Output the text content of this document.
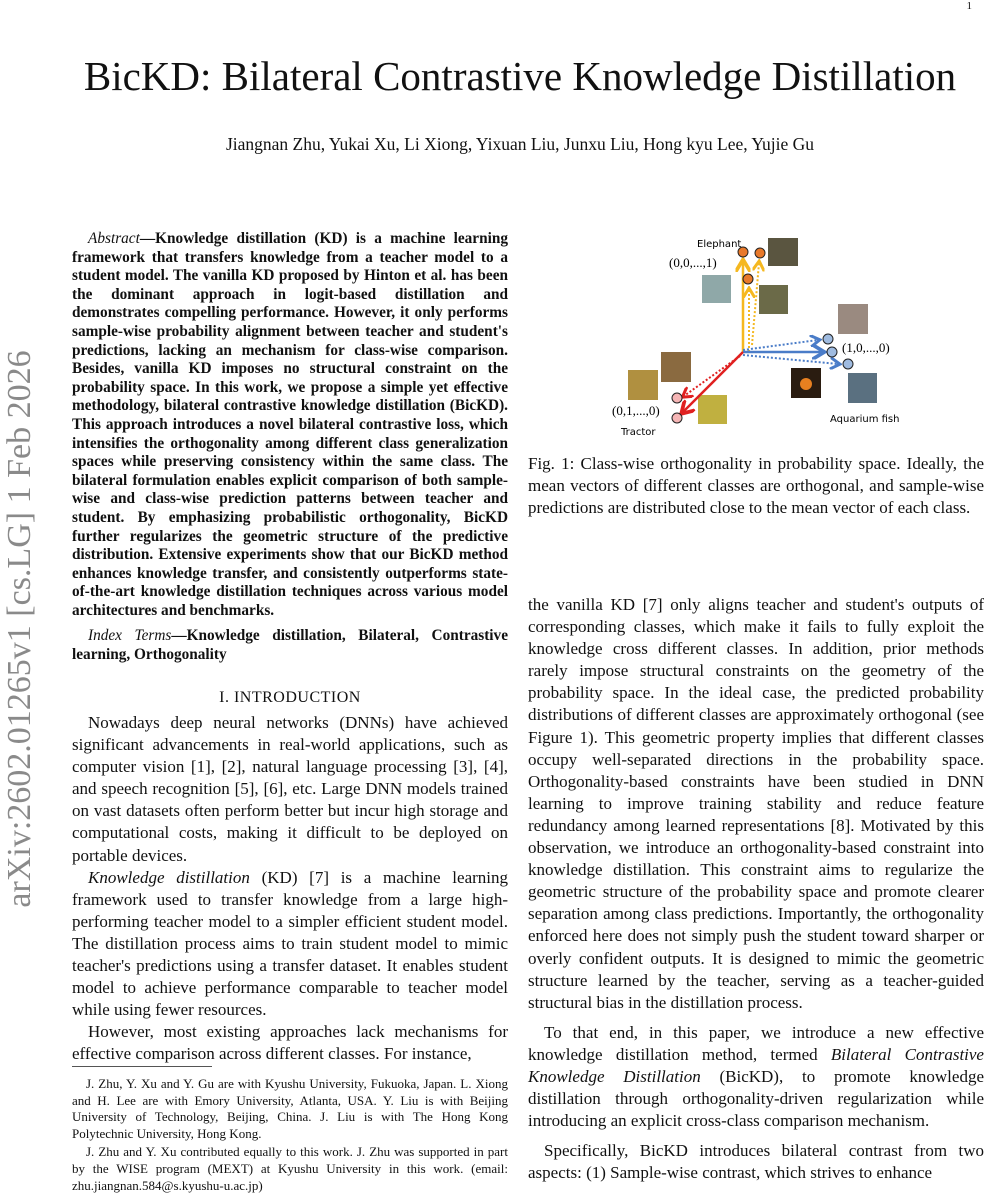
1
arXiv:2602.01265v1 [cs.LG] 1 Feb 2026
BicKD: Bilateral Contrastive Knowledge Distillation
Jiangnan Zhu, Yukai Xu, Li Xiong, Yixuan Liu, Junxu Liu, Hong kyu Lee, Yujie Gu
Abstract—Knowledge distillation (KD) is a machine learning framework that transfers knowledge from a teacher model to a student model. The vanilla KD proposed by Hinton et al. has been the dominant approach in logit-based distillation and demonstrates compelling performance. However, it only performs sample-wise probability alignment between teacher and student's predictions, lacking an mechanism for class-wise comparison. Besides, vanilla KD imposes no structural constraint on the probability space. In this work, we propose a simple yet effective methodology, bilateral contrastive knowledge distillation (BicKD). This approach introduces a novel bilateral contrastive loss, which intensifies the orthogonality among different class generalization spaces while preserving consistency within the same class. The bilateral formulation enables explicit comparison of both sample-wise and class-wise prediction patterns between teacher and student. By emphasizing probabilistic orthogonality, BicKD further regularizes the geometric structure of the predictive distribution. Extensive experiments show that our BicKD method enhances knowledge transfer, and consistently outperforms state-of-the-art knowledge distillation techniques across various model architectures and benchmarks.
Index Terms—Knowledge distillation, Bilateral, Contrastive learning, Orthogonality
I. INTRODUCTION

Nowadays deep neural networks (DNNs) have achieved significant advancements in real-world applications, such as computer vision [1], [2], natural language processing [3], [4], and speech recognition [5], [6], etc. Large DNN models trained on vast datasets often perform better but incur high storage and computational costs, making it difficult to be deployed on portable devices.

Knowledge distillation (KD) [7] is a machine learning framework used to transfer knowledge from a large high-performing teacher model to a simpler efficient student model. The distillation process aims to train student model to mimic teacher's predictions using a transfer dataset. It enables student model to achieve performance comparable to teacher model while using fewer resources.

However, most existing approaches lack mechanisms for effective comparison across different classes. For instance,

J. Zhu, Y. Xu and Y. Gu are with Kyushu University, Fukuoka, Japan. L. Xiong and H. Lee are with Emory University, Atlanta, USA. Y. Liu is with Beijing University of Technology, Beijing, China. J. Liu is with The Hong Kong Polytechnic University, Hong Kong.

J. Zhu and Y. Xu contributed equally to this work. J. Zhu was supported in part by the WISE program (MEXT) at Kyushu University in this work. (email: zhu.jiangnan.584@s.kyushu-u.ac.jp)

Elephant
(0,0,...,1)
(1,0,...,0)
Aquarium fish
(0,1,...,0)
Tractor
Fig. 1: Class-wise orthogonality in probability space. Ideally, the mean vectors of different classes are orthogonal, and sample-wise predictions are distributed close to the mean vector of each class.

the vanilla KD [7] only aligns teacher and student's outputs of corresponding classes, which make it fails to fully exploit the knowledge cross different classes. In addition, prior methods rarely impose structural constraints on the geometry of the probability space. In the ideal case, the predicted probability distributions of different classes are approximately orthogonal (see Figure 1). This geometric property implies that different classes occupy well-separated directions in the probability space. Orthogonality-based constraints have been studied in DNN learning to improve training stability and reduce feature redundancy among learned representations [8]. Motivated by this observation, we introduce an orthogonality-based constraint into knowledge distillation. This constraint aims to regularize the geometric structure of the probability space and promote clearer separation among class predictions. Importantly, the orthogonality enforced here does not simply push the student toward sharper or overly confident outputs. It is designed to mimic the geometric structure learned by the teacher, serving as a teacher-guided structural bias in the distillation process.

To that end, in this paper, we introduce a new effective knowledge distillation method, termed Bilateral Contrastive Knowledge Distillation (BicKD), to promote knowledge distillation through orthogonality-driven regularization while introducing an explicit cross-class comparison mechanism.

Specifically, BicKD introduces bilateral contrast from two aspects: (1) Sample-wise contrast, which strives to enhance
